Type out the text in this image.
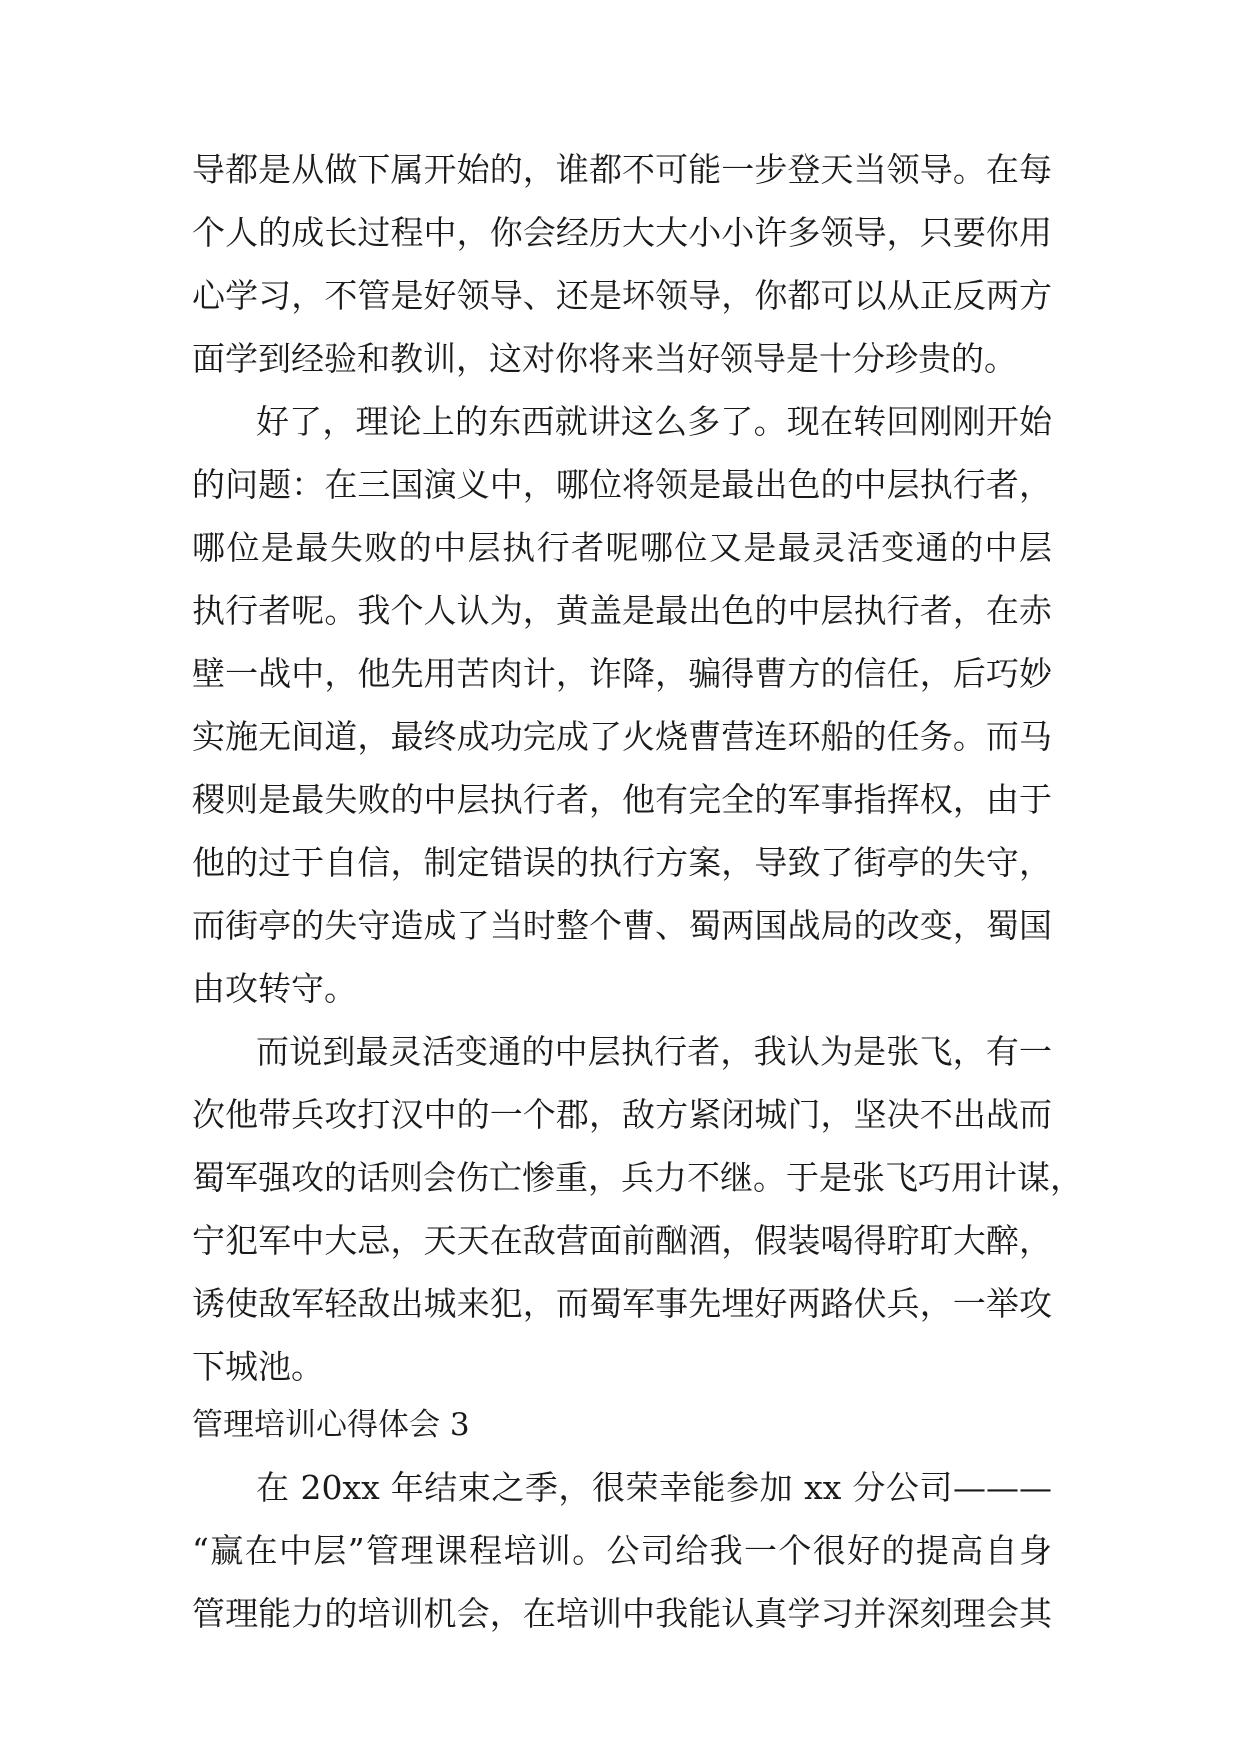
导都是从做下属开始的，谁都不可能一步登天当领导。在每
个人的成长过程中，你会经历大大小小许多领导，只要你用
心学习，不管是好领导、还是坏领导，你都可以从正反两方
面学到经验和教训，这对你将来当好领导是十分珍贵的。
好了，理论上的东西就讲这么多了。现在转回刚刚开始
的问题：在三国演义中，哪位将领是最出色的中层执行者，
哪位是最失败的中层执行者呢哪位又是最灵活变通的中层
执行者呢。我个人认为，黄盖是最出色的中层执行者，在赤
壁一战中，他先用苦肉计，诈降，骗得曹方的信任，后巧妙
实施无间道，最终成功完成了火烧曹营连环船的任务。而马
稷则是最失败的中层执行者，他有完全的军事指挥权，由于
他的过于自信，制定错误的执行方案，导致了街亭的失守，
而街亭的失守造成了当时整个曹、蜀两国战局的改变，蜀国
由攻转守。
而说到最灵活变通的中层执行者，我认为是张飞，有一
次他带兵攻打汉中的一个郡，敌方紧闭城门，坚决不出战而
蜀军强攻的话则会伤亡惨重，兵力不继。于是张飞巧用计谋，
宁犯军中大忌，天天在敌营面前酗酒，假装喝得聍耵大醉，
诱使敌军轻敌出城来犯，而蜀军事先埋好两路伏兵，一举攻
下城池。
管理培训心得体会 3
在 20xx 年结束之季，很荣幸能参加 xx 分公司———
“赢在中层”管理课程培训。公司给我一个很好的提高自身
管理能力的培训机会，在培训中我能认真学习并深刻理会其
